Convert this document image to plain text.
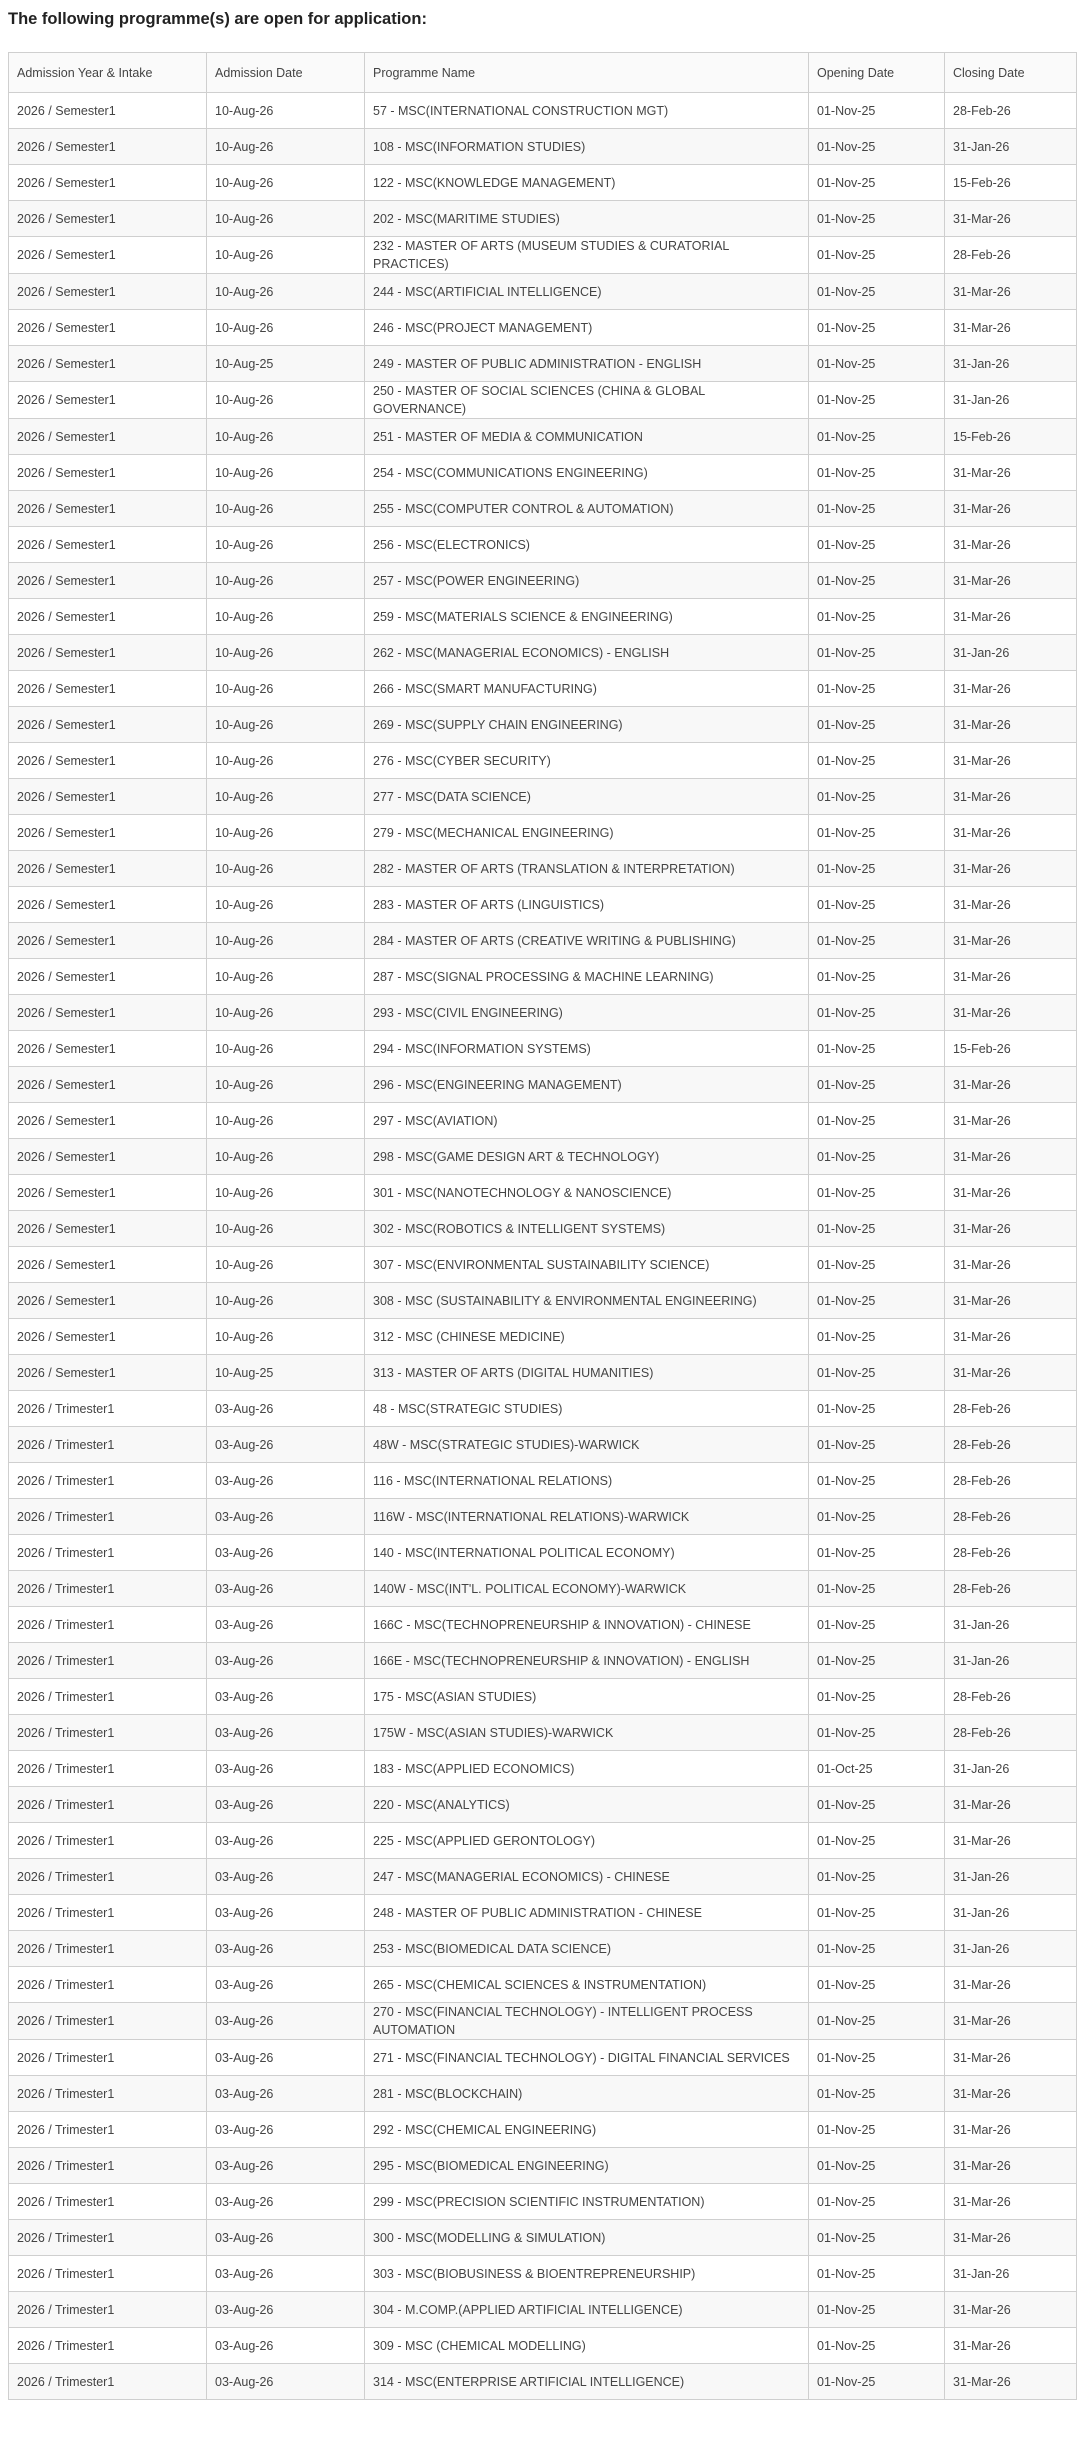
The following programme(s) are open for application:
Admission Year & Intake	Admission Date	Programme Name	Opening Date	Closing Date
2026 / Semester1	10-Aug-26	57 - MSC(INTERNATIONAL CONSTRUCTION MGT)	01-Nov-25	28-Feb-26
2026 / Semester1	10-Aug-26	108 - MSC(INFORMATION STUDIES)	01-Nov-25	31-Jan-26
2026 / Semester1	10-Aug-26	122 - MSC(KNOWLEDGE MANAGEMENT)	01-Nov-25	15-Feb-26
2026 / Semester1	10-Aug-26	202 - MSC(MARITIME STUDIES)	01-Nov-25	31-Mar-26
2026 / Semester1	10-Aug-26	232 - MASTER OF ARTS (MUSEUM STUDIES & CURATORIAL PRACTICES)	01-Nov-25	28-Feb-26
2026 / Semester1	10-Aug-26	244 - MSC(ARTIFICIAL INTELLIGENCE)	01-Nov-25	31-Mar-26
2026 / Semester1	10-Aug-26	246 - MSC(PROJECT MANAGEMENT)	01-Nov-25	31-Mar-26
2026 / Semester1	10-Aug-25	249 - MASTER OF PUBLIC ADMINISTRATION - ENGLISH	01-Nov-25	31-Jan-26
2026 / Semester1	10-Aug-26	250 - MASTER OF SOCIAL SCIENCES (CHINA & GLOBAL GOVERNANCE)	01-Nov-25	31-Jan-26
2026 / Semester1	10-Aug-26	251 - MASTER OF MEDIA & COMMUNICATION	01-Nov-25	15-Feb-26
2026 / Semester1	10-Aug-26	254 - MSC(COMMUNICATIONS ENGINEERING)	01-Nov-25	31-Mar-26
2026 / Semester1	10-Aug-26	255 - MSC(COMPUTER CONTROL & AUTOMATION)	01-Nov-25	31-Mar-26
2026 / Semester1	10-Aug-26	256 - MSC(ELECTRONICS)	01-Nov-25	31-Mar-26
2026 / Semester1	10-Aug-26	257 - MSC(POWER ENGINEERING)	01-Nov-25	31-Mar-26
2026 / Semester1	10-Aug-26	259 - MSC(MATERIALS SCIENCE & ENGINEERING)	01-Nov-25	31-Mar-26
2026 / Semester1	10-Aug-26	262 - MSC(MANAGERIAL ECONOMICS) - ENGLISH	01-Nov-25	31-Jan-26
2026 / Semester1	10-Aug-26	266 - MSC(SMART MANUFACTURING)	01-Nov-25	31-Mar-26
2026 / Semester1	10-Aug-26	269 - MSC(SUPPLY CHAIN ENGINEERING)	01-Nov-25	31-Mar-26
2026 / Semester1	10-Aug-26	276 - MSC(CYBER SECURITY)	01-Nov-25	31-Mar-26
2026 / Semester1	10-Aug-26	277 - MSC(DATA SCIENCE)	01-Nov-25	31-Mar-26
2026 / Semester1	10-Aug-26	279 - MSC(MECHANICAL ENGINEERING)	01-Nov-25	31-Mar-26
2026 / Semester1	10-Aug-26	282 - MASTER OF ARTS (TRANSLATION & INTERPRETATION)	01-Nov-25	31-Mar-26
2026 / Semester1	10-Aug-26	283 - MASTER OF ARTS (LINGUISTICS)	01-Nov-25	31-Mar-26
2026 / Semester1	10-Aug-26	284 - MASTER OF ARTS (CREATIVE WRITING & PUBLISHING)	01-Nov-25	31-Mar-26
2026 / Semester1	10-Aug-26	287 - MSC(SIGNAL PROCESSING & MACHINE LEARNING)	01-Nov-25	31-Mar-26
2026 / Semester1	10-Aug-26	293 - MSC(CIVIL ENGINEERING)	01-Nov-25	31-Mar-26
2026 / Semester1	10-Aug-26	294 - MSC(INFORMATION SYSTEMS)	01-Nov-25	15-Feb-26
2026 / Semester1	10-Aug-26	296 - MSC(ENGINEERING MANAGEMENT)	01-Nov-25	31-Mar-26
2026 / Semester1	10-Aug-26	297 - MSC(AVIATION)	01-Nov-25	31-Mar-26
2026 / Semester1	10-Aug-26	298 - MSC(GAME DESIGN ART & TECHNOLOGY)	01-Nov-25	31-Mar-26
2026 / Semester1	10-Aug-26	301 - MSC(NANOTECHNOLOGY & NANOSCIENCE)	01-Nov-25	31-Mar-26
2026 / Semester1	10-Aug-26	302 - MSC(ROBOTICS & INTELLIGENT SYSTEMS)	01-Nov-25	31-Mar-26
2026 / Semester1	10-Aug-26	307 - MSC(ENVIRONMENTAL SUSTAINABILITY SCIENCE)	01-Nov-25	31-Mar-26
2026 / Semester1	10-Aug-26	308 - MSC (SUSTAINABILITY & ENVIRONMENTAL ENGINEERING)	01-Nov-25	31-Mar-26
2026 / Semester1	10-Aug-26	312 - MSC (CHINESE MEDICINE)	01-Nov-25	31-Mar-26
2026 / Semester1	10-Aug-25	313 - MASTER OF ARTS (DIGITAL HUMANITIES)	01-Nov-25	31-Mar-26
2026 / Trimester1	03-Aug-26	48 - MSC(STRATEGIC STUDIES)	01-Nov-25	28-Feb-26
2026 / Trimester1	03-Aug-26	48W - MSC(STRATEGIC STUDIES)-WARWICK	01-Nov-25	28-Feb-26
2026 / Trimester1	03-Aug-26	116 - MSC(INTERNATIONAL RELATIONS)	01-Nov-25	28-Feb-26
2026 / Trimester1	03-Aug-26	116W - MSC(INTERNATIONAL RELATIONS)-WARWICK	01-Nov-25	28-Feb-26
2026 / Trimester1	03-Aug-26	140 - MSC(INTERNATIONAL POLITICAL ECONOMY)	01-Nov-25	28-Feb-26
2026 / Trimester1	03-Aug-26	140W - MSC(INT'L. POLITICAL ECONOMY)-WARWICK	01-Nov-25	28-Feb-26
2026 / Trimester1	03-Aug-26	166C - MSC(TECHNOPRENEURSHIP & INNOVATION) - CHINESE	01-Nov-25	31-Jan-26
2026 / Trimester1	03-Aug-26	166E - MSC(TECHNOPRENEURSHIP & INNOVATION) - ENGLISH	01-Nov-25	31-Jan-26
2026 / Trimester1	03-Aug-26	175 - MSC(ASIAN STUDIES)	01-Nov-25	28-Feb-26
2026 / Trimester1	03-Aug-26	175W - MSC(ASIAN STUDIES)-WARWICK	01-Nov-25	28-Feb-26
2026 / Trimester1	03-Aug-26	183 - MSC(APPLIED ECONOMICS)	01-Oct-25	31-Jan-26
2026 / Trimester1	03-Aug-26	220 - MSC(ANALYTICS)	01-Nov-25	31-Mar-26
2026 / Trimester1	03-Aug-26	225 - MSC(APPLIED GERONTOLOGY)	01-Nov-25	31-Mar-26
2026 / Trimester1	03-Aug-26	247 - MSC(MANAGERIAL ECONOMICS) - CHINESE	01-Nov-25	31-Jan-26
2026 / Trimester1	03-Aug-26	248 - MASTER OF PUBLIC ADMINISTRATION - CHINESE	01-Nov-25	31-Jan-26
2026 / Trimester1	03-Aug-26	253 - MSC(BIOMEDICAL DATA SCIENCE)	01-Nov-25	31-Jan-26
2026 / Trimester1	03-Aug-26	265 - MSC(CHEMICAL SCIENCES & INSTRUMENTATION)	01-Nov-25	31-Mar-26
2026 / Trimester1	03-Aug-26	270 - MSC(FINANCIAL TECHNOLOGY) - INTELLIGENT PROCESS AUTOMATION	01-Nov-25	31-Mar-26
2026 / Trimester1	03-Aug-26	271 - MSC(FINANCIAL TECHNOLOGY) - DIGITAL FINANCIAL SERVICES	01-Nov-25	31-Mar-26
2026 / Trimester1	03-Aug-26	281 - MSC(BLOCKCHAIN)	01-Nov-25	31-Mar-26
2026 / Trimester1	03-Aug-26	292 - MSC(CHEMICAL ENGINEERING)	01-Nov-25	31-Mar-26
2026 / Trimester1	03-Aug-26	295 - MSC(BIOMEDICAL ENGINEERING)	01-Nov-25	31-Mar-26
2026 / Trimester1	03-Aug-26	299 - MSC(PRECISION SCIENTIFIC INSTRUMENTATION)	01-Nov-25	31-Mar-26
2026 / Trimester1	03-Aug-26	300 - MSC(MODELLING & SIMULATION)	01-Nov-25	31-Mar-26
2026 / Trimester1	03-Aug-26	303 - MSC(BIOBUSINESS & BIOENTREPRENEURSHIP)	01-Nov-25	31-Jan-26
2026 / Trimester1	03-Aug-26	304 - M.COMP.(APPLIED ARTIFICIAL INTELLIGENCE)	01-Nov-25	31-Mar-26
2026 / Trimester1	03-Aug-26	309 - MSC (CHEMICAL MODELLING)	01-Nov-25	31-Mar-26
2026 / Trimester1	03-Aug-26	314 - MSC(ENTERPRISE ARTIFICIAL INTELLIGENCE)	01-Nov-25	31-Mar-26
